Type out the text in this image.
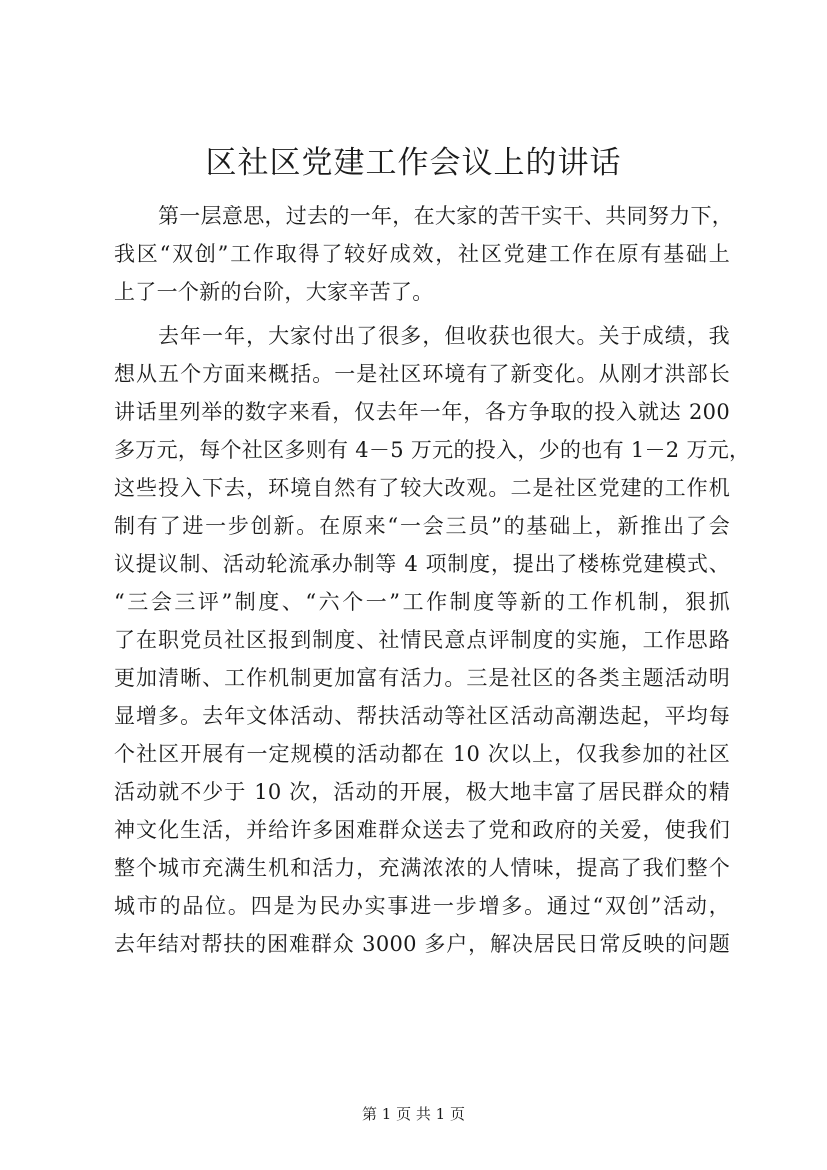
区社区党建工作会议上的讲话

第一层意思，过去的一年，在大家的苦干实干、共同努力下，

我区“双创”工作取得了较好成效，社区党建工作在原有基础上

上了一个新的台阶，大家辛苦了。

去年一年，大家付出了很多，但收获也很大。关于成绩，我

想从五个方面来概括。一是社区环境有了新变化。从刚才洪部长

讲话里列举的数字来看，仅去年一年，各方争取的投入就达 200

多万元，每个社区多则有 4－5 万元的投入，少的也有 1－2 万元，

这些投入下去，环境自然有了较大改观。二是社区党建的工作机

制有了进一步创新。在原来“一会三员”的基础上，新推出了会

议提议制、活动轮流承办制等 4 项制度，提出了楼栋党建模式、

“三会三评”制度、“六个一”工作制度等新的工作机制，狠抓

了在职党员社区报到制度、社情民意点评制度的实施，工作思路

更加清晰、工作机制更加富有活力。三是社区的各类主题活动明

显增多。去年文体活动、帮扶活动等社区活动高潮迭起，平均每

个社区开展有一定规模的活动都在 10 次以上，仅我参加的社区

活动就不少于 10 次，活动的开展，极大地丰富了居民群众的精

神文化生活，并给许多困难群众送去了党和政府的关爱，使我们

整个城市充满生机和活力，充满浓浓的人情味，提高了我们整个

城市的品位。四是为民办实事进一步增多。通过“双创”活动，

去年结对帮扶的困难群众 3000 多户，解决居民日常反映的问题

第 1 页 共 1 页
